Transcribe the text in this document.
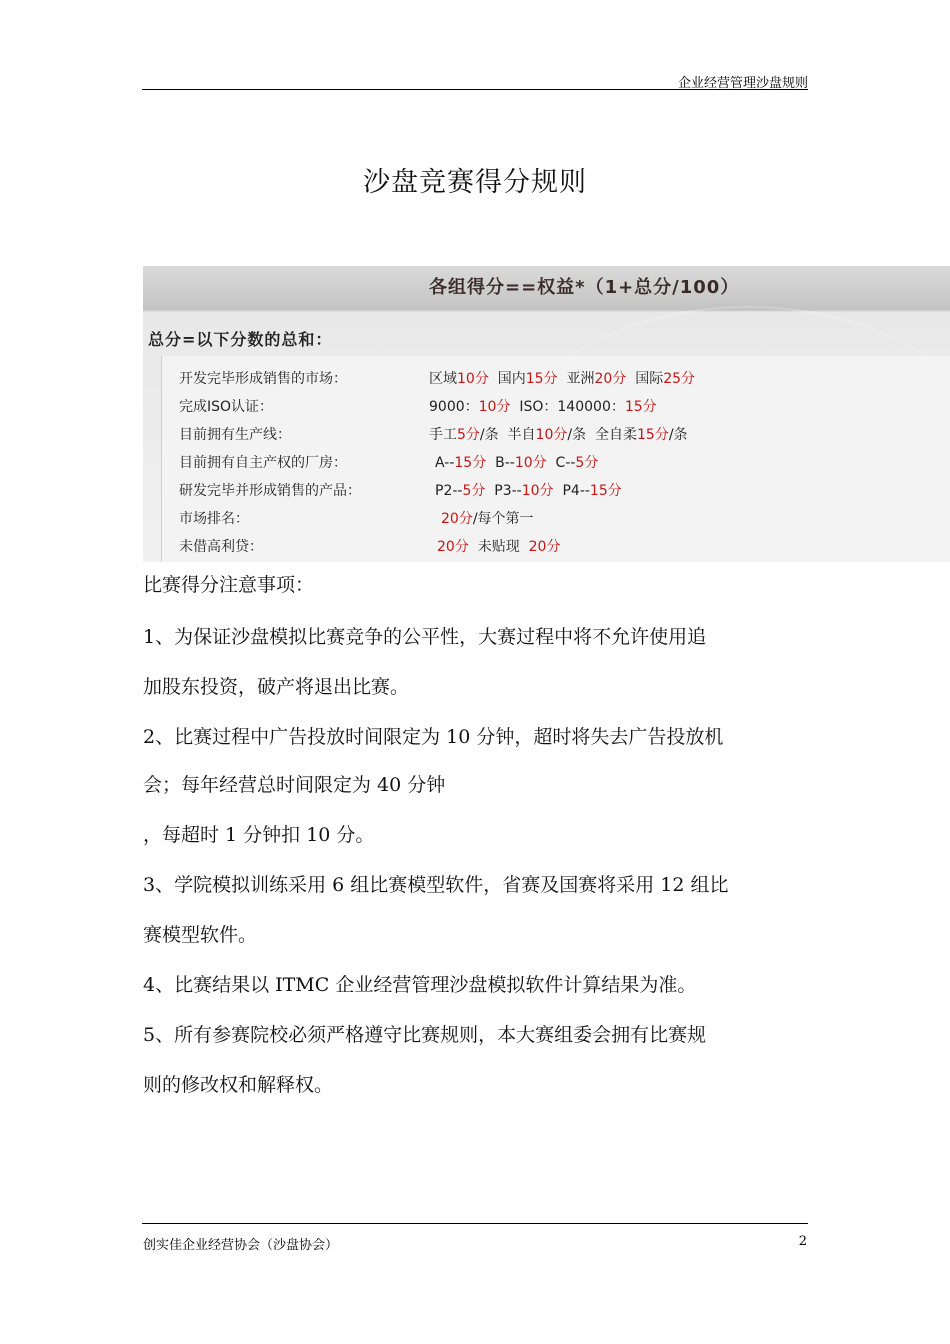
企业经营管理沙盘规则
沙盘竞赛得分规则
各组得分==权益*（1+总分/100）
总分=以下分数的总和：
开发完毕形成销售的市场：	区域10分  国内15分  亚洲20分  国际25分
完成ISO认证：	9000：10分  ISO：140000：15分
目前拥有生产线：	手工5分/条  半自10分/条  全自柔15分/条
目前拥有自主产权的厂房：	A--15分  B--10分  C--5分
研发完毕并形成销售的产品：	P2--5分  P3--10分  P4--15分
市场排名：	20分/每个第一
未借高利贷：	20分  未贴现  20分
比赛得分注意事项：
1、为保证沙盘模拟比赛竞争的公平性，大赛过程中将不允许使用追
加股东投资，破产将退出比赛。
2、比赛过程中广告投放时间限定为 10 分钟，超时将失去广告投放机
会；每年经营总时间限定为 40 分钟
，每超时 1 分钟扣 10 分。
3、学院模拟训练采用 6 组比赛模型软件，省赛及国赛将采用 12 组比
赛模型软件。
4、比赛结果以 ITMC 企业经营管理沙盘模拟软件计算结果为准。
5、所有参赛院校必须严格遵守比赛规则，本大赛组委会拥有比赛规
则的修改权和解释权。
创实佳企业经营协会（沙盘协会）	2
